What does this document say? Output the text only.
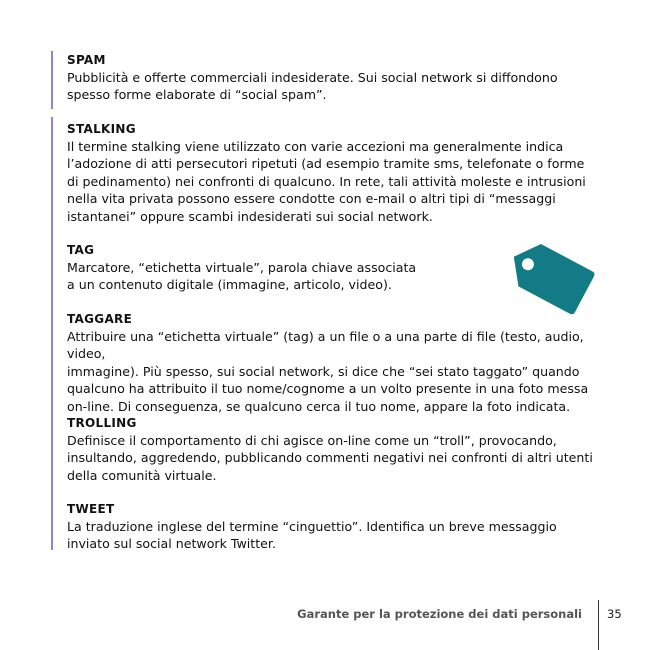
SPAM

Pubblicità e offerte commerciali indesiderate. Sui social network si diffondono
spesso forme elaborate di “social spam”.

STALKING

Il termine stalking viene utilizzato con varie accezioni ma generalmente indica
l’adozione di atti persecutori ripetuti (ad esempio tramite sms, telefonate o forme
di pedinamento) nei confronti di qualcuno. In rete, tali attività moleste e intrusioni
nella vita privata possono essere condotte con e-mail o altri tipi di “messaggi
istantanei” oppure scambi indesiderati sui social network.

TAG

Marcatore, “etichetta virtuale”, parola chiave associata
a un contenuto digitale (immagine, articolo, video).

TAGGARE

Attribuire una “etichetta virtuale” (tag) a un file o a una parte di file (testo, audio, video,
immagine). Più spesso, sui social network, si dice che “sei stato taggato” quando
qualcuno ha attribuito il tuo nome/cognome a un volto presente in una foto messa
on-line. Di conseguenza, se qualcuno cerca il tuo nome, appare la foto indicata.

TROLLING

Definisce il comportamento di chi agisce on-line come un “troll”, provocando,
insultando, aggredendo, pubblicando commenti negativi nei confronti di altri utenti
della comunità virtuale.

TWEET

La traduzione inglese del termine “cinguettio”. Identifica un breve messaggio
inviato sul social network Twitter.

Garante per la protezione dei dati personali 35
